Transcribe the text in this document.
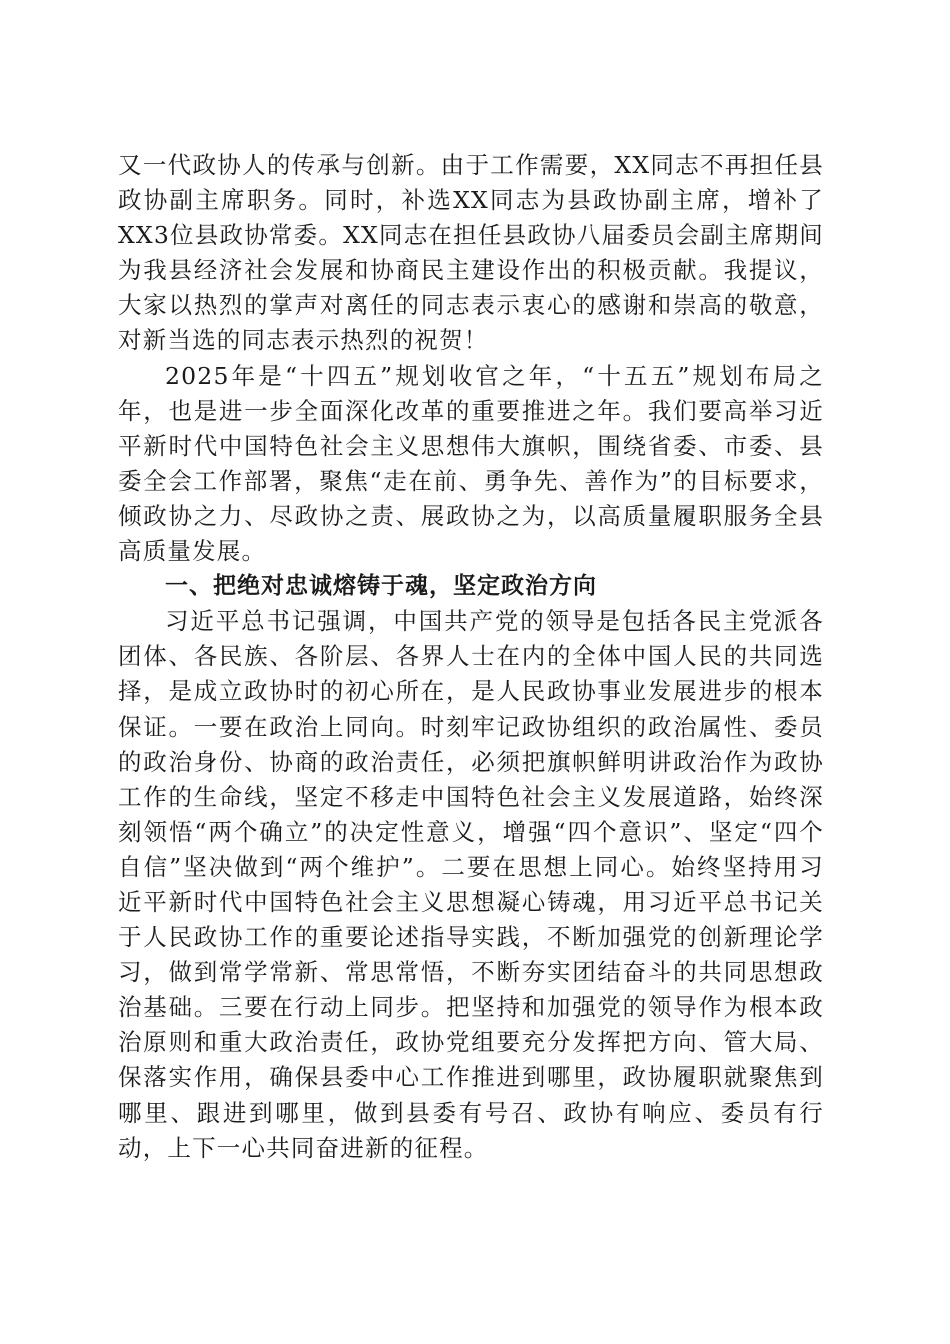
又一代政协人的传承与创新。由于工作需要，XX同志不再担任县政协副主席职务。同时，补选XX同志为县政协副主席，增补了XX3位县政协常委。XX同志在担任县政协八届委员会副主席期间为我县经济社会发展和协商民主建设作出的积极贡献。我提议，大家以热烈的掌声对离任的同志表示衷心的感谢和崇高的敬意，对新当选的同志表示热烈的祝贺！

2025年是“十四五”规划收官之年，“十五五”规划布局之年，也是进一步全面深化改革的重要推进之年。我们要高举习近平新时代中国特色社会主义思想伟大旗帜，围绕省委、市委、县委全会工作部署，聚焦“走在前、勇争先、善作为”的目标要求，倾政协之力、尽政协之责、展政协之为，以高质量履职服务全县高质量发展。

一、把绝对忠诚熔铸于魂，坚定政治方向

习近平总书记强调，中国共产党的领导是包括各民主党派各团体、各民族、各阶层、各界人士在内的全体中国人民的共同选择，是成立政协时的初心所在，是人民政协事业发展进步的根本保证。一要在政治上同向。时刻牢记政协组织的政治属性、委员的政治身份、协商的政治责任，必须把旗帜鲜明讲政治作为政协工作的生命线，坚定不移走中国特色社会主义发展道路，始终深刻领悟“两个确立”的决定性意义，增强“四个意识”、坚定“四个自信”坚决做到“两个维护”。二要在思想上同心。始终坚持用习近平新时代中国特色社会主义思想凝心铸魂，用习近平总书记关于人民政协工作的重要论述指导实践，不断加强党的创新理论学习，做到常学常新、常思常悟，不断夯实团结奋斗的共同思想政治基础。三要在行动上同步。把坚持和加强党的领导作为根本政治原则和重大政治责任，政协党组要充分发挥把方向、管大局、保落实作用，确保县委中心工作推进到哪里，政协履职就聚焦到哪里、跟进到哪里，做到县委有号召、政协有响应、委员有行动，上下一心共同奋进新的征程。
